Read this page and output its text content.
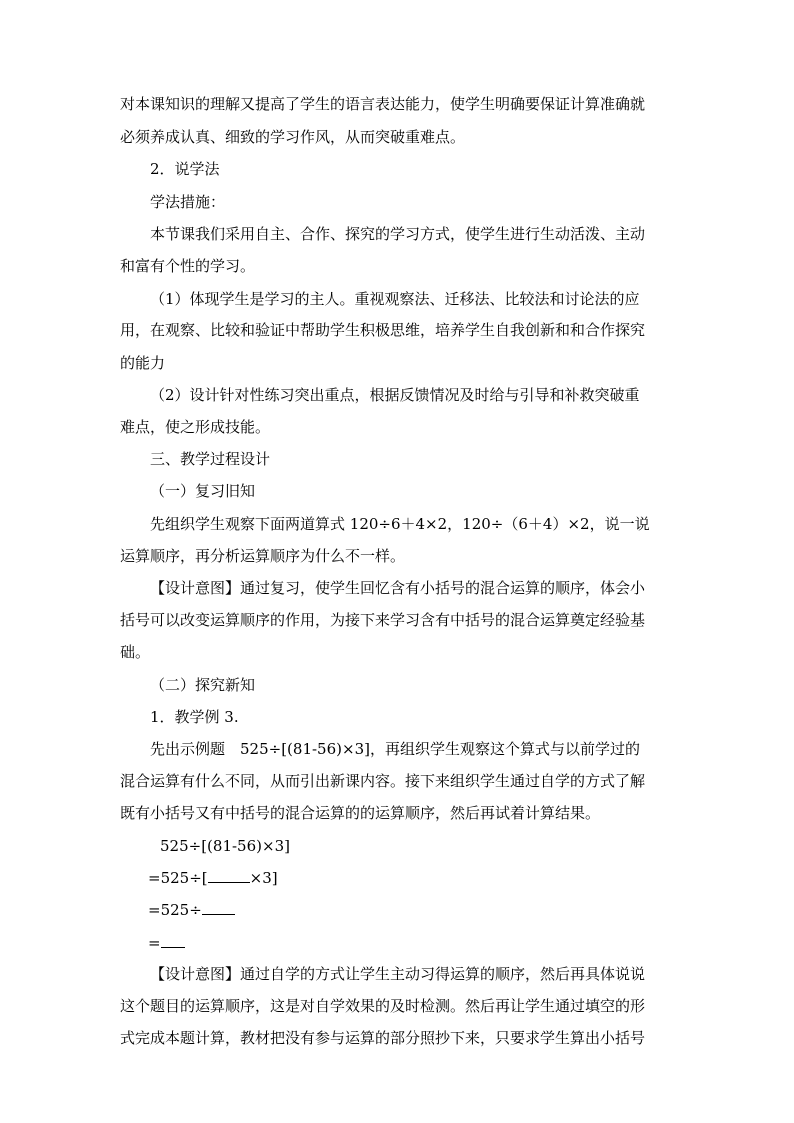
对本课知识的理解又提高了学生的语言表达能力，使学生明确要保证计算准确就
必须养成认真、细致的学习作风，从而突破重难点。
2．说学法
学法措施：
本节课我们采用自主、合作、探究的学习方式，使学生进行生动活泼、主动
和富有个性的学习。
（1）体现学生是学习的主人。重视观察法、迁移法、比较法和讨论法的应
用，在观察、比较和验证中帮助学生积极思维，培养学生自我创新和和合作探究
的能力
（2）设计针对性练习突出重点，根据反馈情况及时给与引导和补救突破重
难点，使之形成技能。
三、教学过程设计
（一）复习旧知
先组织学生观察下面两道算式 120÷6＋4×2，120÷（6＋4）×2，说一说
运算顺序，再分析运算顺序为什么不一样。
【设计意图】通过复习，使学生回忆含有小括号的混合运算的顺序，体会小
括号可以改变运算顺序的作用，为接下来学习含有中括号的混合运算奠定经验基
础。
（二）探究新知
1．教学例 3.
先出示例题　525÷[(81-56)×3]，再组织学生观察这个算式与以前学过的
混合运算有什么不同，从而引出新课内容。接下来组织学生通过自学的方式了解
既有小括号又有中括号的混合运算的的运算顺序，然后再试着计算结果。
525÷[(81-56)×3]
=525÷[	×3]
=525÷
=
【设计意图】通过自学的方式让学生主动习得运算的顺序，然后再具体说说
这个题目的运算顺序，这是对自学效果的及时检测。然后再让学生通过填空的形
式完成本题计算，教材把没有参与运算的部分照抄下来，只要求学生算出小括号
